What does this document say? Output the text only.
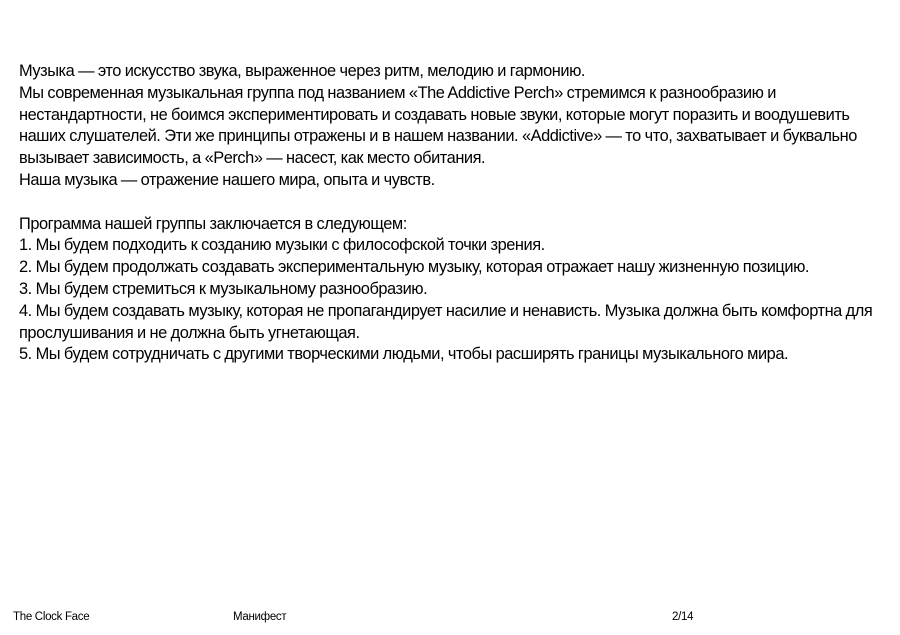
Музыка — это искусство звука, выраженное через ритм, мелодию и гармонию.

Мы современная музыкальная группа под названием «The Addictive Perch» стремимся к разнообразию и нестандартности, не боимся экспериментировать и создавать новые звуки, которые могут поразить и воодушевить наших слушателей. Эти же принципы отражены и в нашем названии. «Addictive» — то что, захватывает и буквально вызывает зависимость, а «Perch» — насест, как место обитания.

Наша музыка — отражение нашего мира, опыта и чувств.

Программа нашей группы заключается в следующем:

1. Мы будем подходить к созданию музыки с философской точки зрения.

2. Мы будем продолжать создавать экспериментальную музыку, которая отражает нашу жизненную позицию.

3. Мы будем стремиться к музыкальному разнообразию.

4. Мы будем создавать музыку, которая не пропагандирует насилие и ненависть. Музыка должна быть комфортна для прослушивания и не должна быть угнетающая.

5. Мы будем сотрудничать с другими творческими людьми, чтобы расширять границы музыкального мира.

The Clock Face	Манифест	2/14
